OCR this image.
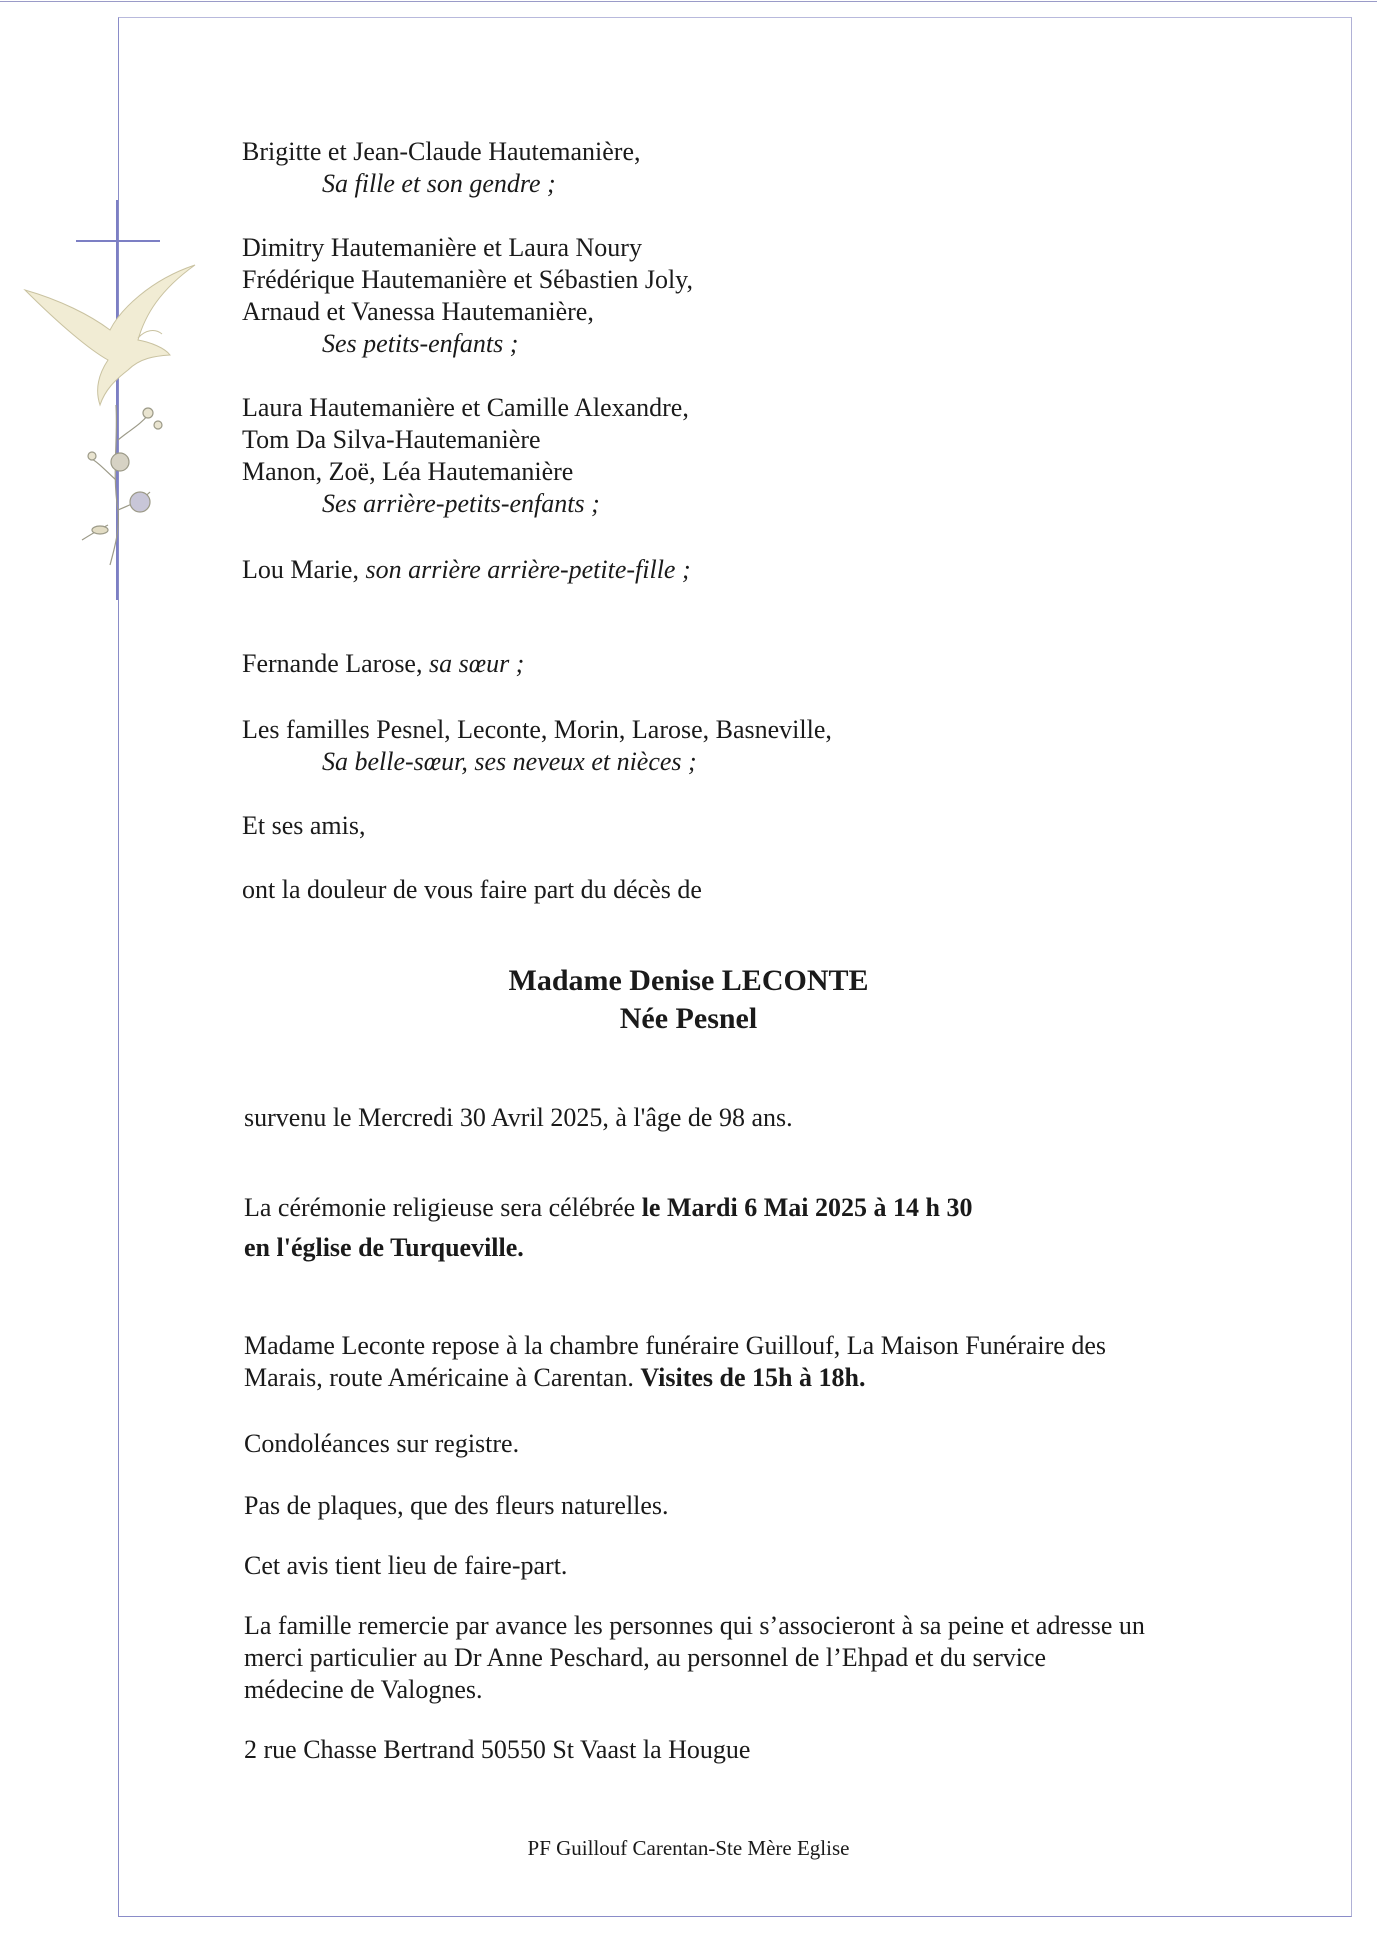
Brigitte et Jean-Claude Hautemanière,
Sa fille et son gendre ;
Dimitry Hautemanière et Laura Noury
Frédérique Hautemanière et Sébastien Joly,
Arnaud et Vanessa Hautemanière,
Ses petits-enfants ;
Laura Hautemanière et Camille Alexandre,
Tom Da Silva-Hautemanière
Manon, Zoë, Léa Hautemanière
Ses arrière-petits-enfants ;
Lou Marie, son arrière arrière-petite-fille ;
Fernande Larose, sa sœur ;
Les familles Pesnel, Leconte, Morin, Larose, Basneville,
Sa belle-sœur, ses neveux et nièces ;
Et ses amis,
ont la douleur de vous faire part du décès de
Madame Denise LECONTE
Née Pesnel
survenu le Mercredi 30 Avril 2025, à l'âge de 98 ans.
La cérémonie religieuse sera célébrée le Mardi 6 Mai 2025 à 14 h 30
en l'église de Turqueville.
Madame Leconte repose à la chambre funéraire Guillouf, La Maison Funéraire des
Marais, route Américaine à Carentan. Visites de 15h à 18h.
Condoléances sur registre.
Pas de plaques, que des fleurs naturelles.
Cet avis tient lieu de faire-part.
La famille remercie par avance les personnes qui s’associeront à sa peine et adresse un
merci particulier au Dr Anne Peschard, au personnel de l’Ehpad et du service
médecine de Valognes.
2 rue Chasse Bertrand 50550 St Vaast la Hougue
PF Guillouf Carentan-Ste Mère Eglise
